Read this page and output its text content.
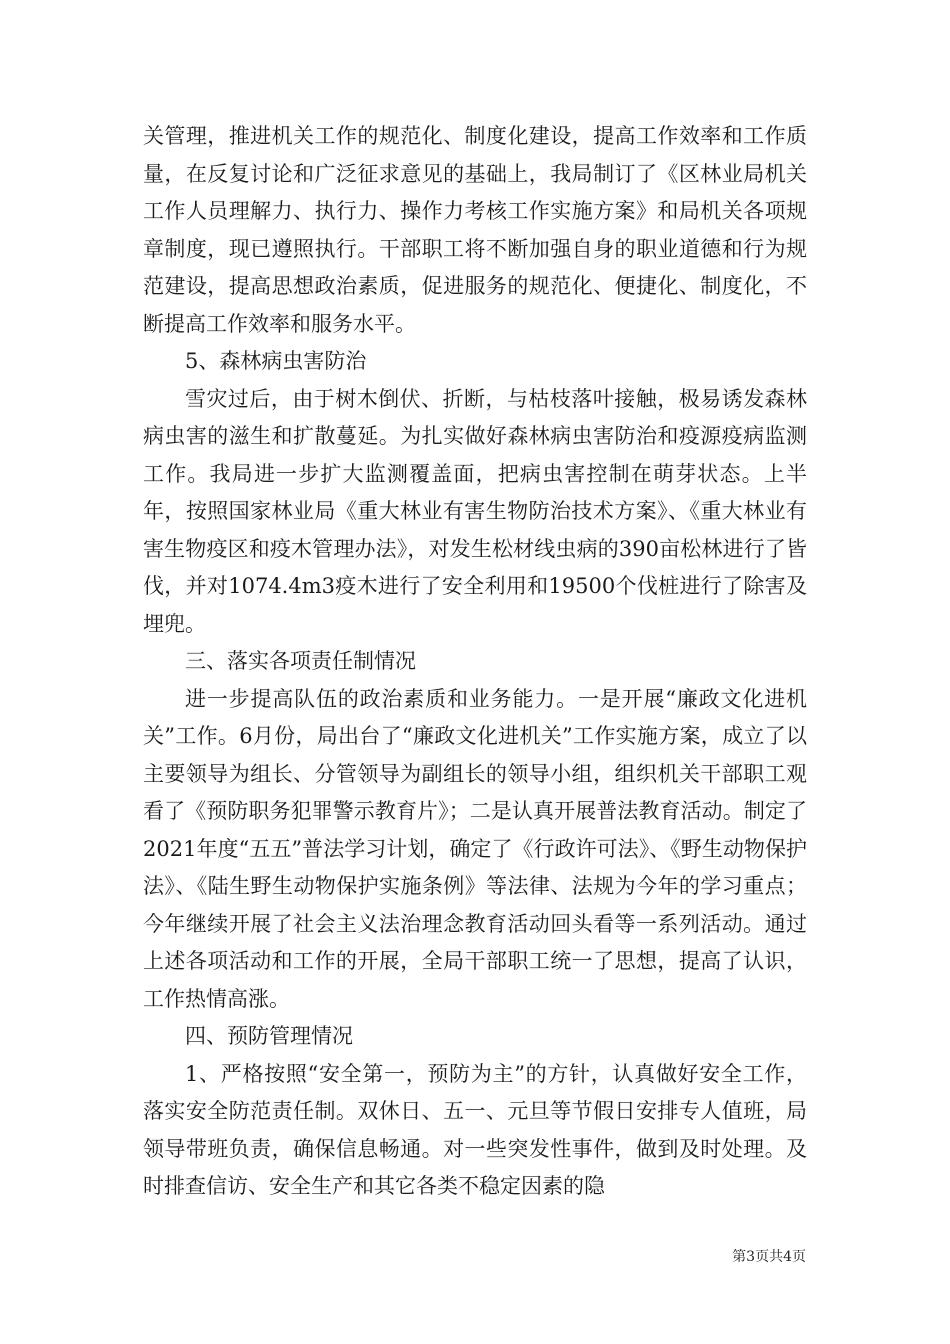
关管理，推进机关工作的规范化、制度化建设，提高工作效率和工作质量，在反复讨论和广泛征求意见的基础上，我局制订了《区林业局机关工作人员理解力、执行力、操作力考核工作实施方案》和局机关各项规章制度，现已遵照执行。干部职工将不断加强自身的职业道德和行为规范建设，提高思想政治素质，促进服务的规范化、便捷化、制度化，不断提高工作效率和服务水平。

5、森林病虫害防治

雪灾过后，由于树木倒伏、折断，与枯枝落叶接触，极易诱发森林病虫害的滋生和扩散蔓延。为扎实做好森林病虫害防治和疫源疫病监测工作。我局进一步扩大监测覆盖面，把病虫害控制在萌芽状态。上半年，按照国家林业局《重大林业有害生物防治技术方案》、《重大林业有害生物疫区和疫木管理办法》，对发生松材线虫病的390亩松林进行了皆伐，并对1074.4m3疫木进行了安全利用和19500个伐桩进行了除害及埋兜。

三、落实各项责任制情况

进一步提高队伍的政治素质和业务能力。一是开展“廉政文化进机关”工作。6月份，局出台了“廉政文化进机关”工作实施方案，成立了以主要领导为组长、分管领导为副组长的领导小组，组织机关干部职工观看了《预防职务犯罪警示教育片》；二是认真开展普法教育活动。制定了2021年度“五五”普法学习计划，确定了《行政许可法》、《野生动物保护法》、《陆生野生动物保护实施条例》等法律、法规为今年的学习重点；今年继续开展了社会主义法治理念教育活动回头看等一系列活动。通过上述各项活动和工作的开展，全局干部职工统一了思想，提高了认识，工作热情高涨。

四、预防管理情况

1、严格按照“安全第一，预防为主”的方针，认真做好安全工作，落实安全防范责任制。双休日、五一、元旦等节假日安排专人值班，局领导带班负责，确保信息畅通。对一些突发性事件，做到及时处理。及时排查信访、安全生产和其它各类不稳定因素的隐

第3页共4页
